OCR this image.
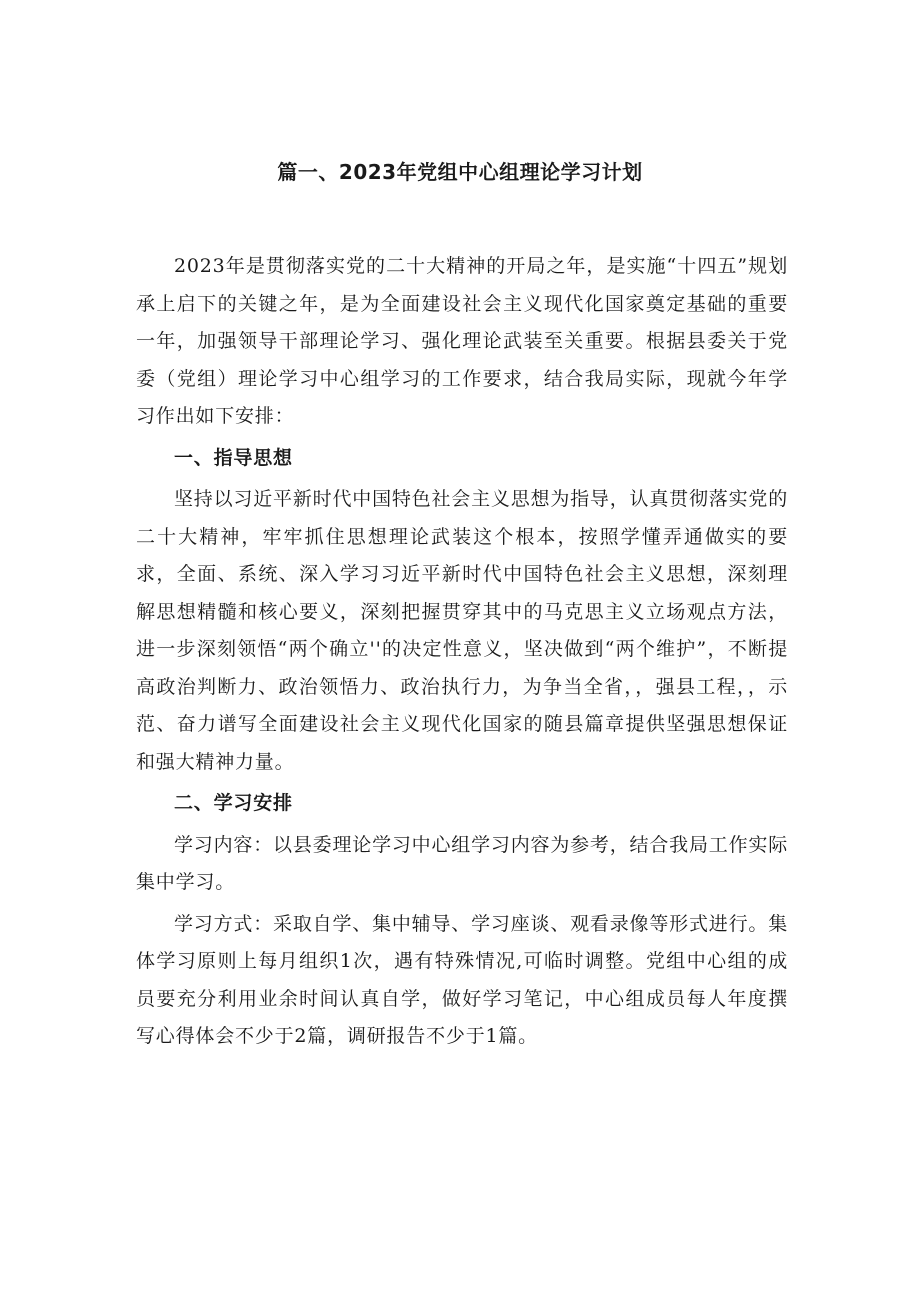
篇一、2023年党组中心组理论学习计划

2023年是贯彻落实党的二十大精神的开局之年，是实施“十四五”规划承上启下的关键之年，是为全面建设社会主义现代化国家奠定基础的重要一年，加强领导干部理论学习、强化理论武装至关重要。根据县委关于党委（党组）理论学习中心组学习的工作要求，结合我局实际，现就今年学习作出如下安排：

一、指导思想

坚持以习近平新时代中国特色社会主义思想为指导，认真贯彻落实党的二十大精神，牢牢抓住思想理论武装这个根本，按照学懂弄通做实的要求，全面、系统、深入学习习近平新时代中国特色社会主义思想，深刻理解思想精髓和核心要义，深刻把握贯穿其中的马克思主义立场观点方法，进一步深刻领悟“两个确立''的决定性意义，坚决做到“两个维护”，不断提高政治判断力、政治领悟力、政治执行力，为争当全省，，强县工程，，示范、奋力谱写全面建设社会主义现代化国家的随县篇章提供坚强思想保证和强大精神力量。

二、学习安排

学习内容：以县委理论学习中心组学习内容为参考，结合我局工作实际集中学习。

学习方式：采取自学、集中辅导、学习座谈、观看录像等形式进行。集体学习原则上每月组织1次，遇有特殊情况,可临时调整。党组中心组的成员要充分利用业余时间认真自学，做好学习笔记，中心组成员每人年度撰写心得体会不少于2篇，调研报告不少于1篇。
